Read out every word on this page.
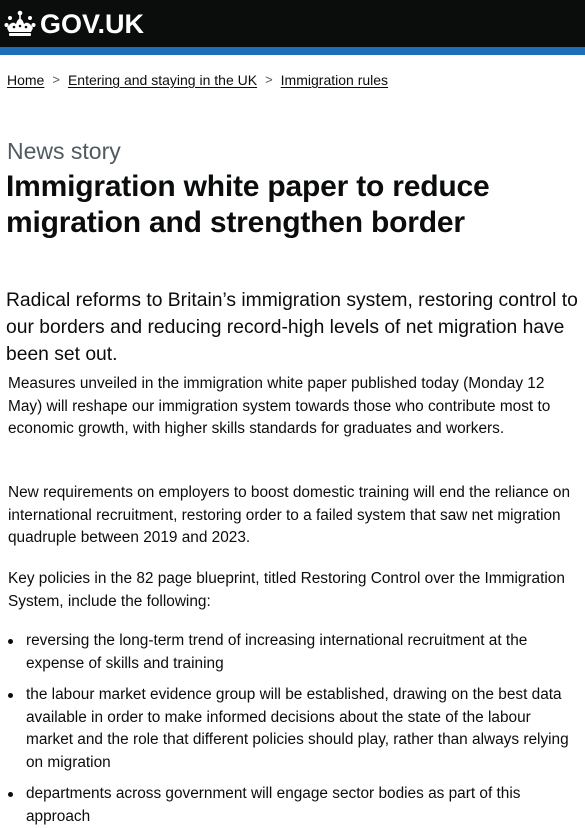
GOV.UK
Home > Entering and staying in the UK > Immigration rules
News story
Immigration white paper to reduce migration and strengthen border

Radical reforms to Britain’s immigration system, restoring control to our borders and reducing record-high levels of net migration have been set out.

Measures unveiled in the immigration white paper published today (Monday 12 May) will reshape our immigration system towards those who contribute most to economic growth, with higher skills standards for graduates and workers.

New requirements on employers to boost domestic training will end the reliance on international recruitment, restoring order to a failed system that saw net migration quadruple between 2019 and 2023.

Key policies in the 82 page blueprint, titled Restoring Control over the Immigration System, include the following:

reversing the long-term trend of increasing international recruitment at the expense of skills and training
the labour market evidence group will be established, drawing on the best data available in order to make informed decisions about the state of the labour market and the role that different policies should play, rather than always relying on migration
departments across government will engage sector bodies as part of this approach
